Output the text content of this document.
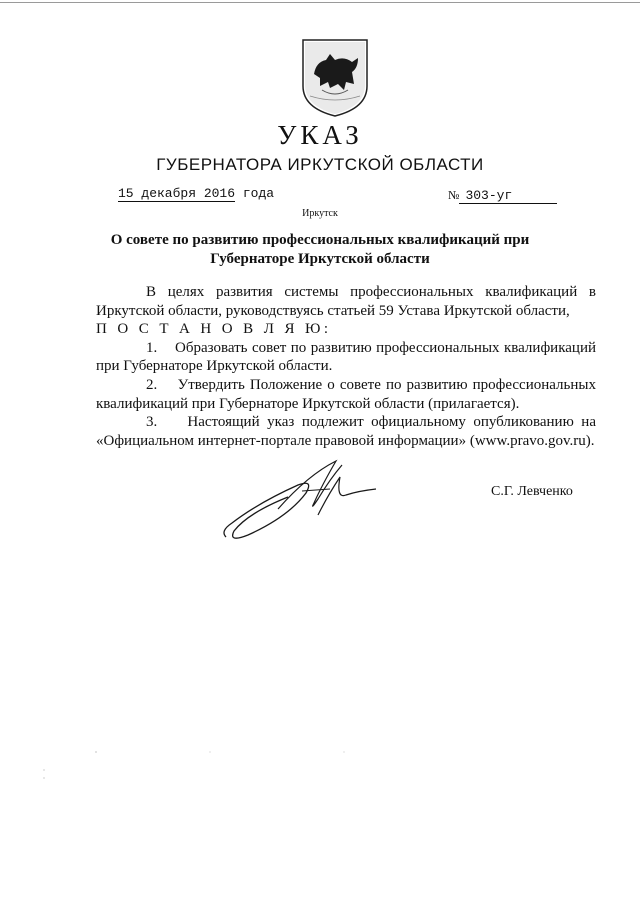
УКАЗ
ГУБЕРНАТОРА ИРКУТСКОЙ ОБЛАСТИ
15 декабря 2016 года	№ 303-уг
Иркутск
О совете по развитию профессиональных квалификаций при
Губернаторе Иркутской области

В целях развития системы профессиональных квалификаций в

Иркутской области, руководствуясь статьей 59 Устава Иркутской области,

П О С Т А Н О В Л Я Ю:

1.    Образовать совет по развитию профессиональных квалификаций

при Губернаторе Иркутской области.

2.    Утвердить Положение о совете по развитию профессиональных

квалификаций при Губернаторе Иркутской области (прилагается).

3.    Настоящий указ подлежит официальному опубликованию на

«Официальном интернет-портале правовой информации» (www.pravo.gov.ru).

С.Г. Левченко
